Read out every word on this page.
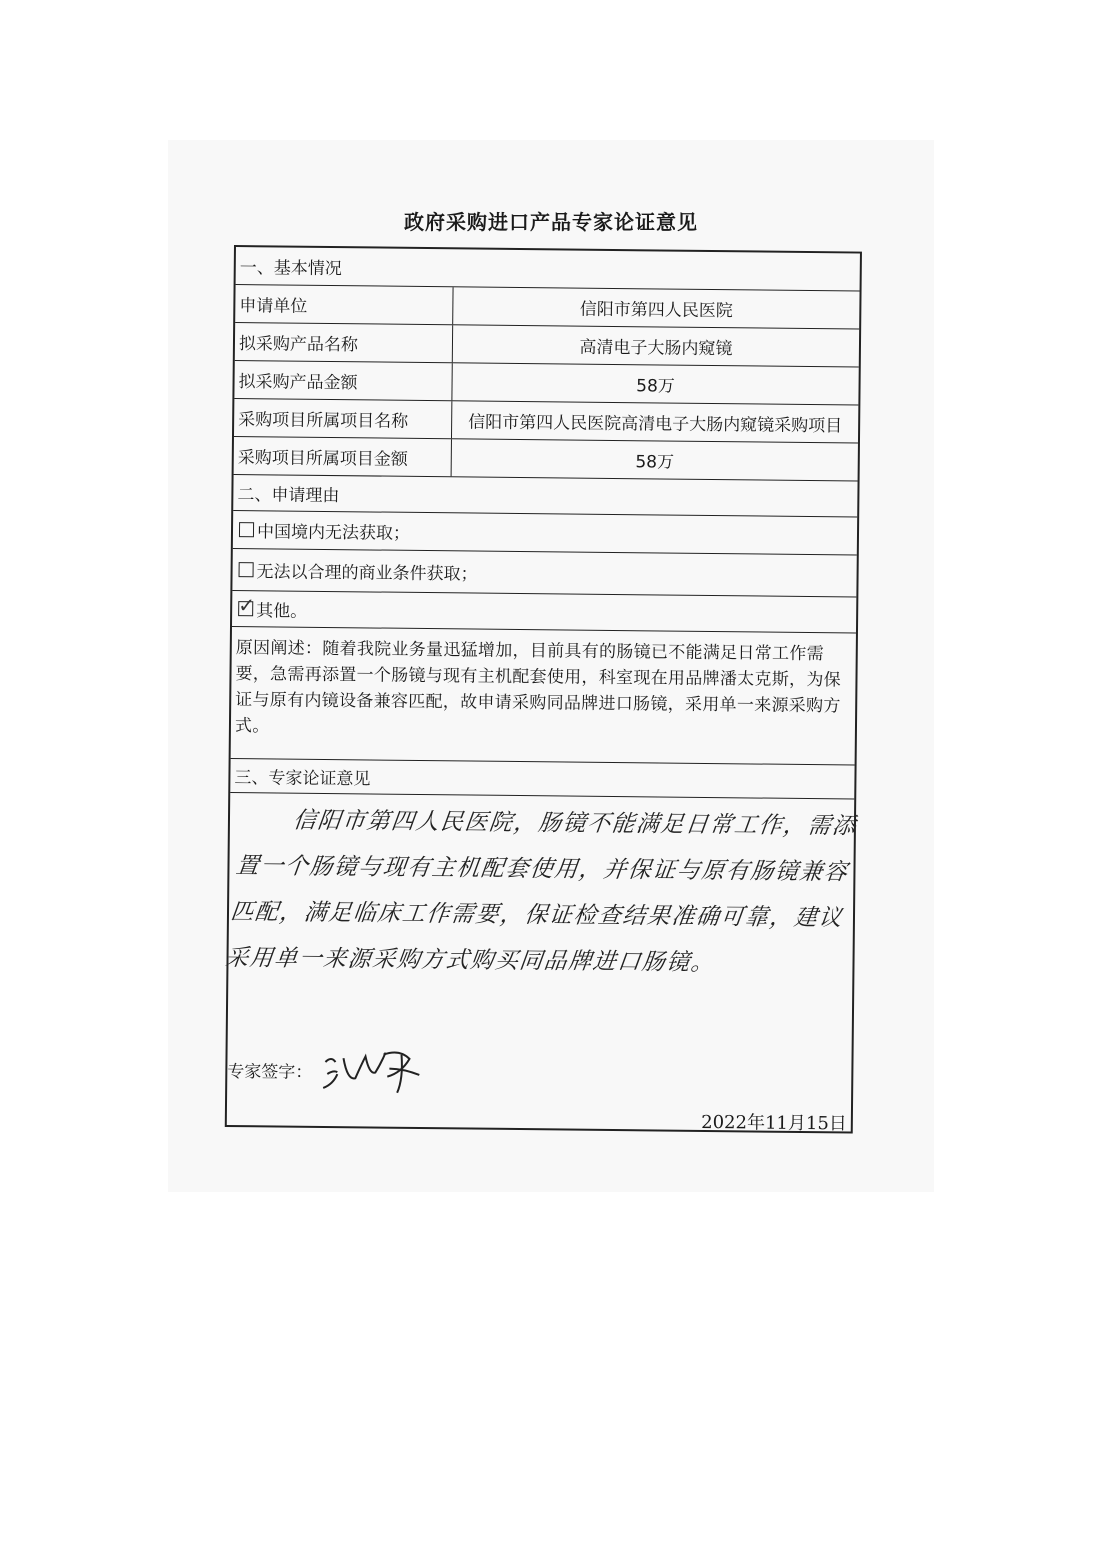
政府采购进口产品专家论证意见
一、基本情况
申请单位	信阳市第四人民医院
拟采购产品名称	高清电子大肠内窥镜
拟采购产品金额	58万
采购项目所属项目名称	信阳市第四人民医院高清电子大肠内窥镜采购项目
采购项目所属项目金额	58万
二、申请理由
中国境内无法获取；
无法以合理的商业条件获取；
✓ 其他。
原因阐述：随着我院业务量迅猛增加，目前具有的肠镜已不能满足日常工作需要，急需再添置一个肠镜与现有主机配套使用，科室现在用品牌潘太克斯，为保证与原有内镜设备兼容匹配，故申请采购同品牌进口肠镜，采用单一来源采购方式。
三、专家论证意见
信阳市第四人民医院，肠镜不能满足日常工作，需添置一个肠镜与现有主机配套使用，并保证与原有肠镜兼容匹配，满足临床工作需要，保证检查结果准确可靠，建议采用单一来源采购方式购买同品牌进口肠镜。
专家签字：
2022年11月15日
